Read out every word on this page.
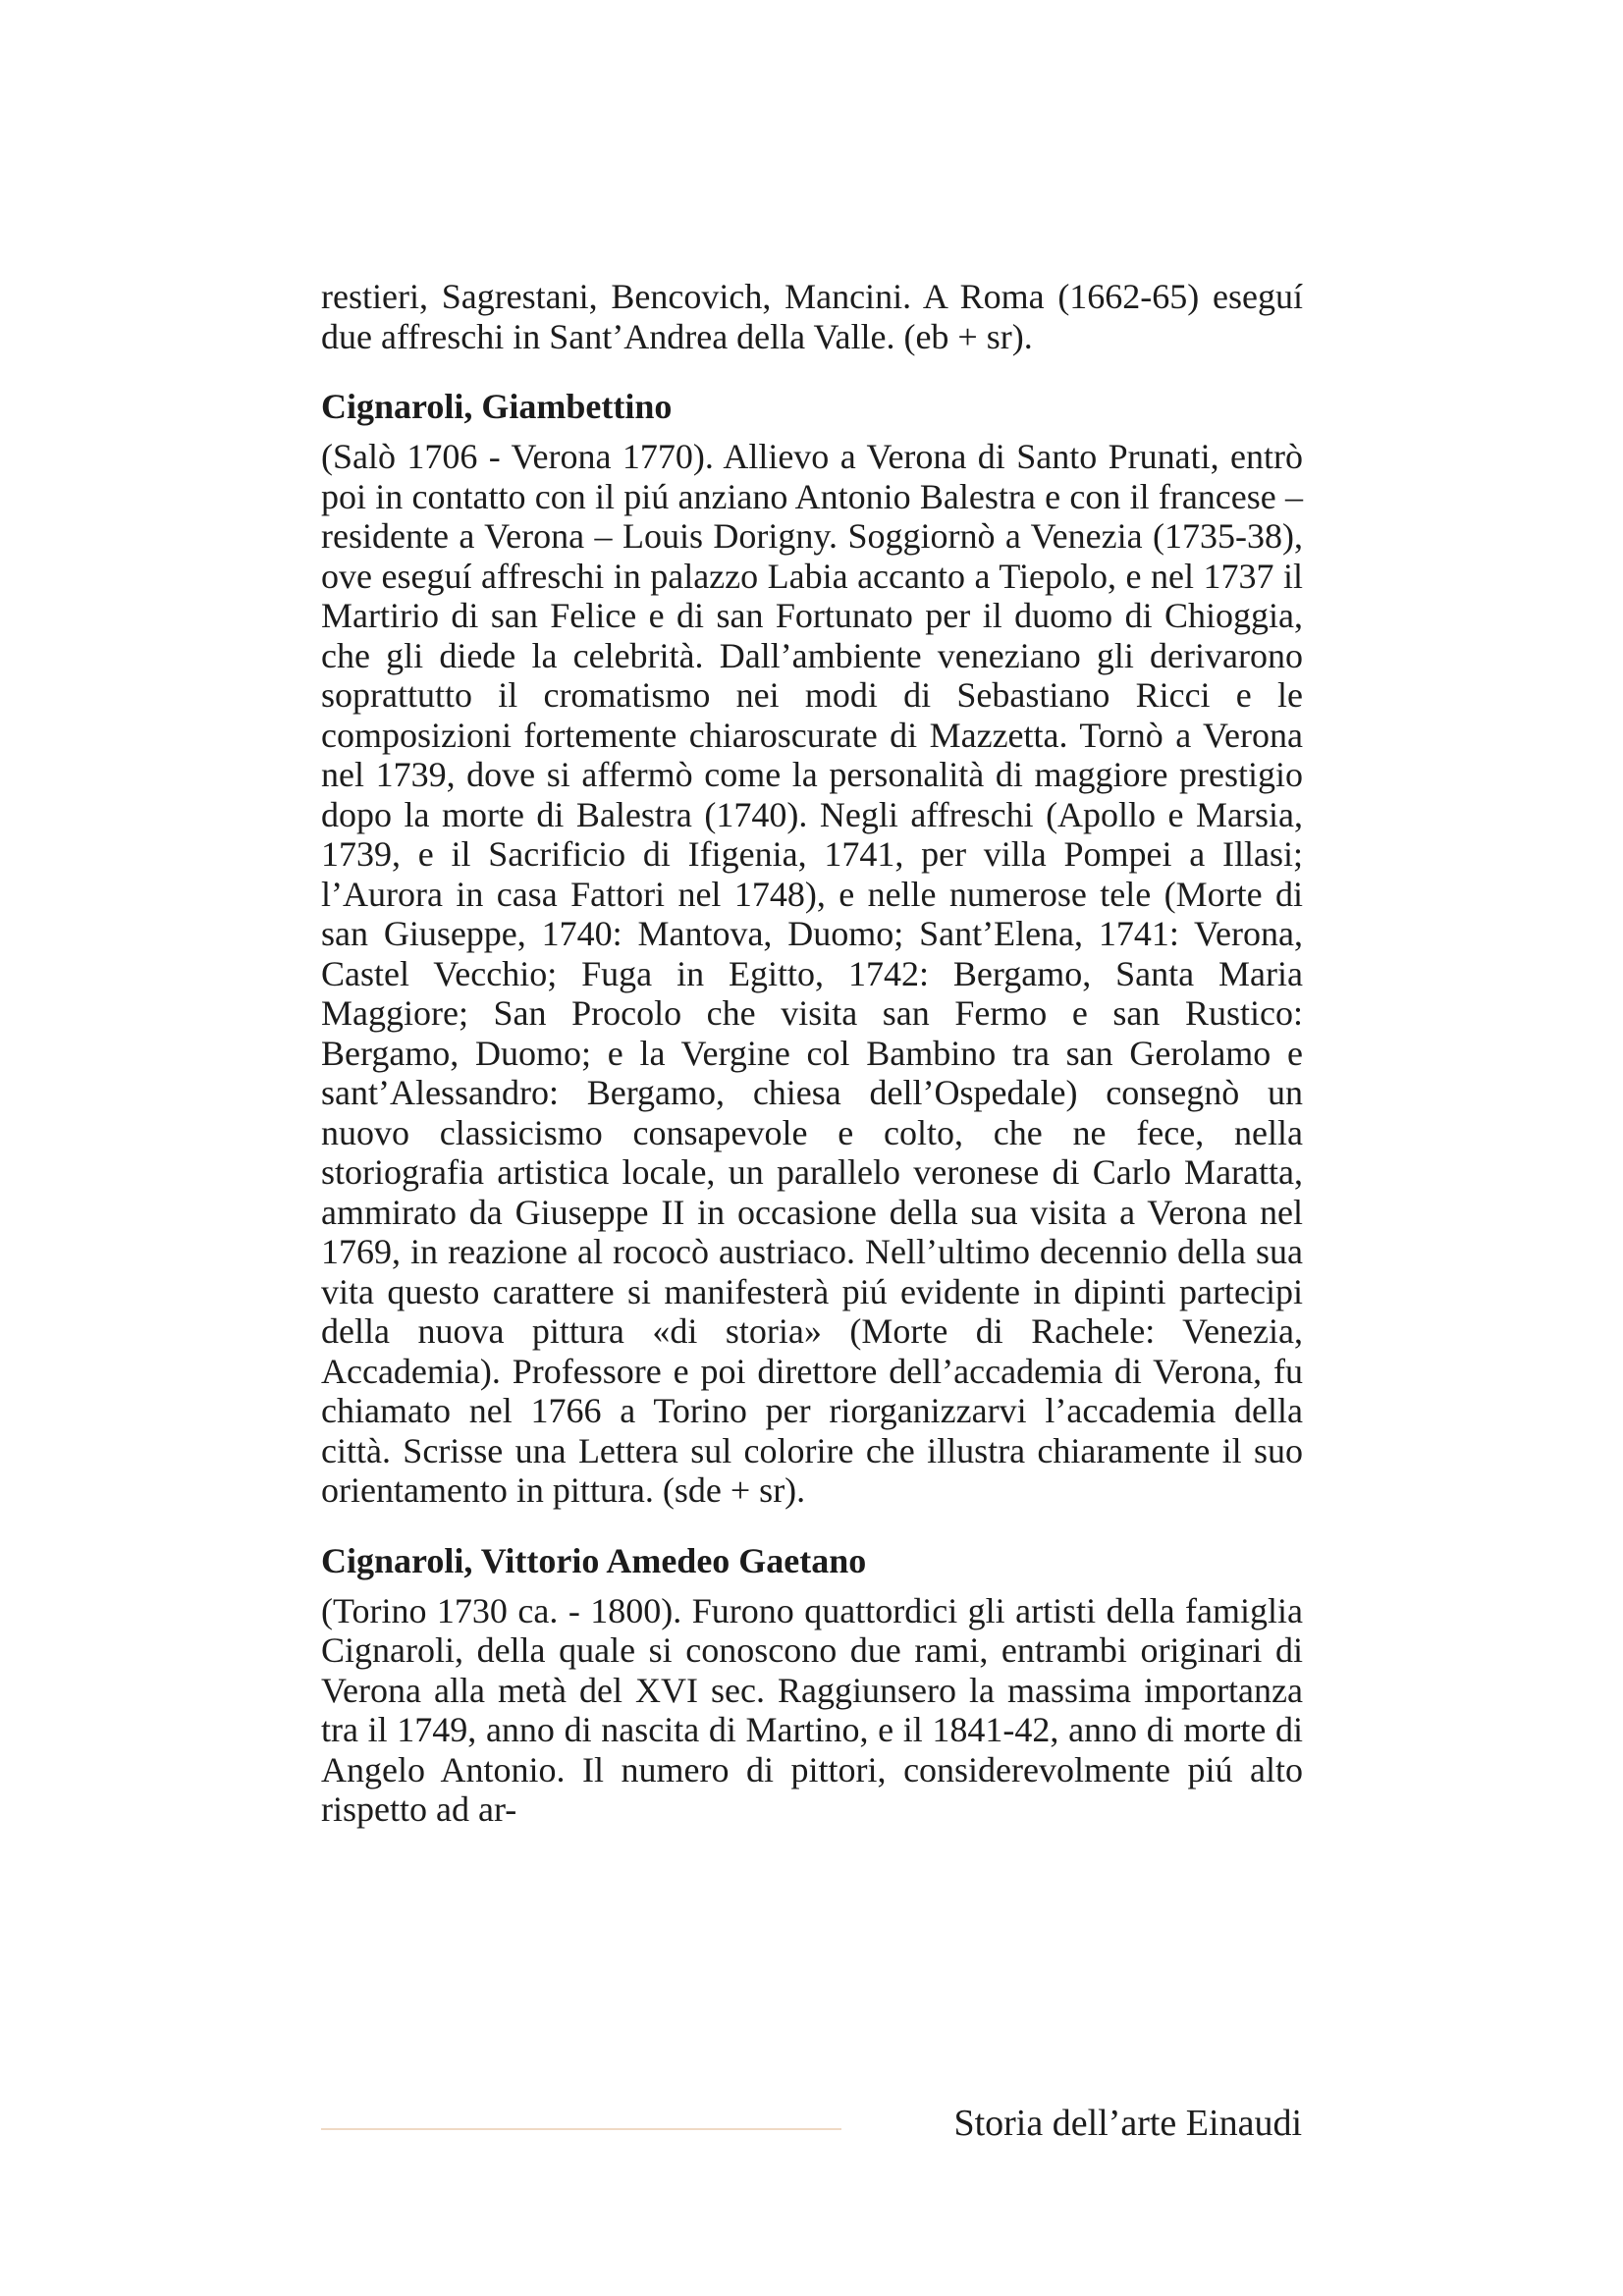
restieri, Sagrestani, Bencovich, Mancini. A Roma (1662-65) eseguí due affreschi in Sant’Andrea della Valle. (eb + sr).

Cignaroli, Giambettino

(Salò 1706 - Verona 1770). Allievo a Verona di Santo Prunati, entrò poi in contatto con il piú anziano Antonio Balestra e con il francese – residente a Verona – Louis Dorigny. Soggiornò a Venezia (1735-38), ove eseguí affreschi in palazzo Labia accanto a Tiepolo, e nel 1737 il Martirio di san Felice e di san Fortunato per il duomo di Chioggia, che gli diede la celebrità. Dall’ambiente veneziano gli derivarono soprattutto il cromatismo nei modi di Sebastiano Ricci e le composizioni fortemente chiaroscurate di Mazzetta. Tornò a Verona nel 1739, dove si affermò come la personalità di maggiore prestigio dopo la morte di Balestra (1740). Negli affreschi (Apollo e Marsia, 1739, e il Sacrificio di Ifigenia, 1741, per villa Pompei a Illasi; l’Aurora in casa Fattori nel 1748), e nelle numerose tele (Morte di san Giuseppe, 1740: Mantova, Duomo; Sant’Elena, 1741: Verona, Castel Vecchio; Fuga in Egitto, 1742: Bergamo, Santa Maria Maggiore; San Procolo che visita san Fermo e san Rustico: Bergamo, Duomo; e la Vergine col Bambino tra san Gerolamo e sant’Alessandro: Bergamo, chiesa dell’Ospedale) consegnò un nuovo classicismo consapevole e colto, che ne fece, nella storiografia artistica locale, un parallelo veronese di Carlo Maratta, ammirato da Giuseppe II in occasione della sua visita a Verona nel 1769, in reazione al rococò austriaco. Nell’ultimo decennio della sua vita questo carattere si manifesterà piú evidente in dipinti partecipi della nuova pittura «di storia» (Morte di Rachele: Venezia, Accademia). Professore e poi direttore dell’accademia di Verona, fu chiamato nel 1766 a Torino per riorganizzarvi l’accademia della città. Scrisse una Lettera sul colorire che illustra chiaramente il suo orientamento in pittura. (sde + sr).

Cignaroli, Vittorio Amedeo Gaetano

(Torino 1730 ca. - 1800). Furono quattordici gli artisti della famiglia Cignaroli, della quale si conoscono due rami, entrambi originari di Verona alla metà del XVI sec. Raggiunsero la massima importanza tra il 1749, anno di nascita di Martino, e il 1841-42, anno di morte di Angelo Antonio. Il numero di pittori, considerevolmente piú alto rispetto ad ar-

Storia dell’arte Einaudi
